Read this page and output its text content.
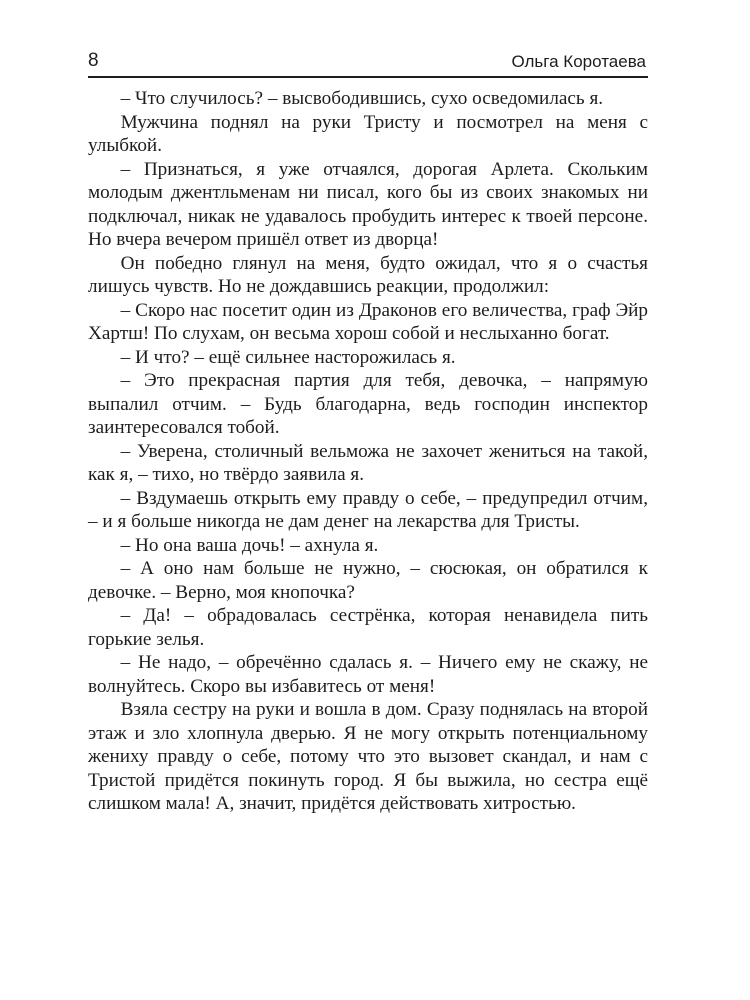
8	Ольга Коротаева

– Что случилось? – высвободившись, сухо осведомилась я.

Мужчина поднял на руки Тристу и посмотрел на меня с улыбкой.

– Признаться, я уже отчаялся, дорогая Арлета. Скольким молодым джентльменам ни писал, кого бы из своих знакомых ни подключал, никак не удавалось пробудить интерес к твоей персоне. Но вчера вечером пришёл ответ из дворца!

Он победно глянул на меня, будто ожидал, что я о счастья лишусь чувств. Но не дождавшись реакции, продолжил:

– Скоро нас посетит один из Драконов его величества, граф Эйр Хартш! По слухам, он весьма хорош собой и неслыханно богат.

– И что? – ещё сильнее насторожилась я.

– Это прекрасная партия для тебя, девочка, – напрямую выпалил отчим. – Будь благодарна, ведь господин инспектор заинтересовался тобой.

– Уверена, столичный вельможа не захочет жениться на такой, как я, – тихо, но твёрдо заявила я.

– Вздумаешь открыть ему правду о себе, – предупредил отчим, – и я больше никогда не дам денег на лекарства для Тристы.

– Но она ваша дочь! – ахнула я.

– А оно нам больше не нужно, – сюсюкая, он обратился к девочке. – Верно, моя кнопочка?

– Да! – обрадовалась сестрёнка, которая ненавидела пить горькие зелья.

– Не надо, – обречённо сдалась я. – Ничего ему не скажу, не волнуйтесь. Скоро вы избавитесь от меня!

Взяла сестру на руки и вошла в дом. Сразу поднялась на второй этаж и зло хлопнула дверью. Я не могу открыть потенциальному жениху правду о себе, потому что это вызовет скандал, и нам с Тристой придётся покинуть город. Я бы выжила, но сестра ещё слишком мала! А, значит, придётся действовать хитростью.
